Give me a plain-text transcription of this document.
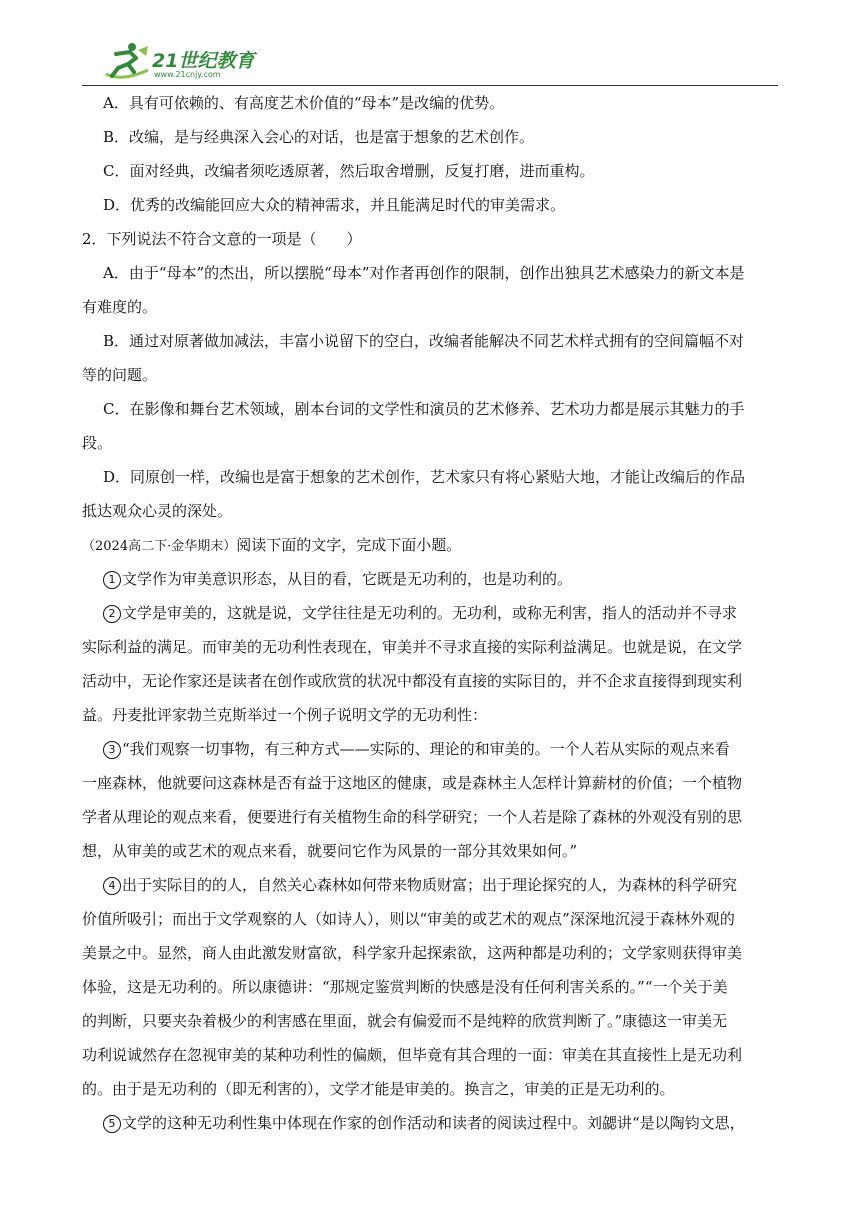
21世纪教育
www.21cnjy.com
A．具有可依赖的、有高度艺术价值的“母本”是改编的优势。
B．改编，是与经典深入会心的对话，也是富于想象的艺术创作。
C．面对经典，改编者须吃透原著，然后取舍增删，反复打磨，进而重构。
D．优秀的改编能回应大众的精神需求，并且能满足时代的审美需求。
2．下列说法不符合文意的一项是（　　）
A．由于“母本”的杰出，所以摆脱“母本”对作者再创作的限制，创作出独具艺术感染力的新文本是
有难度的。
B．通过对原著做加减法，丰富小说留下的空白，改编者能解决不同艺术样式拥有的空间篇幅不对
等的问题。
C．在影像和舞台艺术领域，剧本台词的文学性和演员的艺术修养、艺术功力都是展示其魅力的手
段。
D．同原创一样，改编也是富于想象的艺术创作，艺术家只有将心紧贴大地，才能让改编后的作品
抵达观众心灵的深处。
（2024高二下·金华期末）阅读下面的文字，完成下面小题。
1 文学作为审美意识形态，从目的看，它既是无功利的，也是功利的。
2 文学是审美的，这就是说，文学往往是无功利的。无功利，或称无利害，指人的活动并不寻求
实际利益的满足。而审美的无功利性表现在，审美并不寻求直接的实际利益满足。也就是说，在文学
活动中，无论作家还是读者在创作或欣赏的状况中都没有直接的实际目的，并不企求直接得到现实利
益。丹麦批评家勃兰克斯举过一个例子说明文学的无功利性：
3 “我们观察一切事物，有三种方式——实际的、理论的和审美的。一个人若从实际的观点来看
一座森林，他就要问这森林是否有益于这地区的健康，或是森林主人怎样计算薪材的价值；一个植物
学者从理论的观点来看，便要进行有关植物生命的科学研究；一个人若是除了森林的外观没有别的思
想，从审美的或艺术的观点来看，就要问它作为风景的一部分其效果如何。”
4 出于实际目的的人，自然关心森林如何带来物质财富；出于理论探究的人，为森林的科学研究
价值所吸引；而出于文学观察的人（如诗人），则以“审美的或艺术的观点”深深地沉浸于森林外观的
美景之中。显然，商人由此激发财富欲，科学家升起探索欲，这两种都是功利的；文学家则获得审美
体验，这是无功利的。所以康德讲：“那规定鉴赏判断的快感是没有任何利害关系的。”“一个关于美
的判断，只要夹杂着极少的利害感在里面，就会有偏爱而不是纯粹的欣赏判断了。”康德这一审美无
功利说诚然存在忽视审美的某种功利性的偏颇，但毕竟有其合理的一面：审美在其直接性上是无功利
的。由于是无功利的（即无利害的），文学才能是审美的。换言之，审美的正是无功利的。
5 文学的这种无功利性集中体现在作家的创作活动和读者的阅读过程中。刘勰讲“是以陶钧文思，
